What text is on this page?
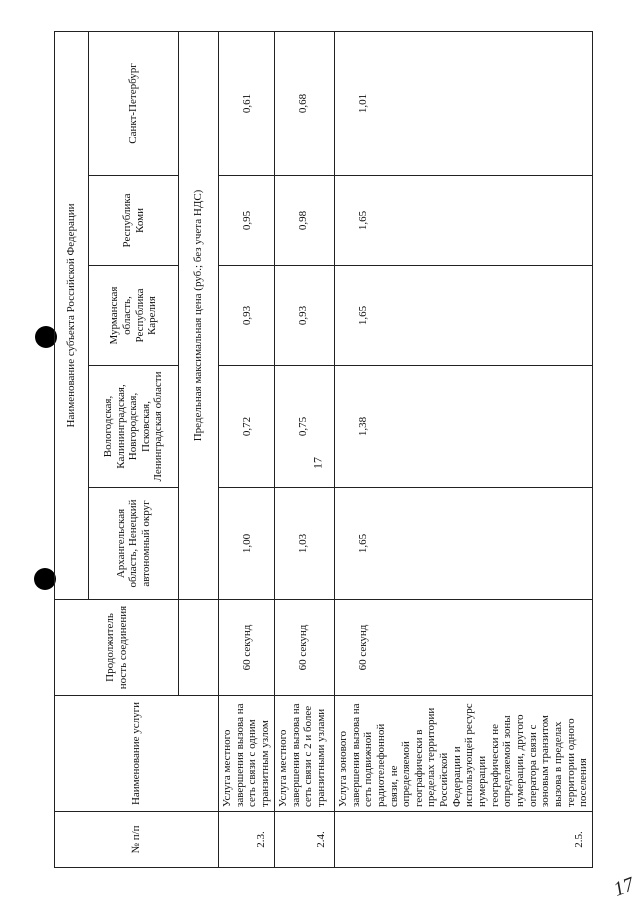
17
№ п/п	Наименование услуги	Продолжитель ность соединения	Наименование субъекта Российской Федерации				
			Архангельская область, Ненецкий автономный округ	Вологодская, Калининградская, Новгородская, Псковская, Ленинградская области	Мурманская область, Республика Карелия	Республика Коми	Санкт-Петербург
			Предельная максимальная цена (руб.; без учета НДС)				
2.3.	Услуга местного завершения вызова на сеть связи с одним транзитным узлом	60 секунд	1,00	0,72	0,93	0,95	0,61
2.4.	Услуга местного завершения вызова на сеть связи с 2 и более транзитными узлами	60 секунд	1,03	0,75	0,93	0,98	0,68
2.5.	Услуга зонового завершения вызова на сеть подвижной радиотелефонной связи, не определяемой географически в пределах территории Российской Федерации и использующей ресурс нумерации географически не определяемой зоны нумерации, другого оператора связи с зоновым транзитом вызова в пределах территории одного поселения	60 секунд	1,65	1,38	1,65	1,65	1,01
17
